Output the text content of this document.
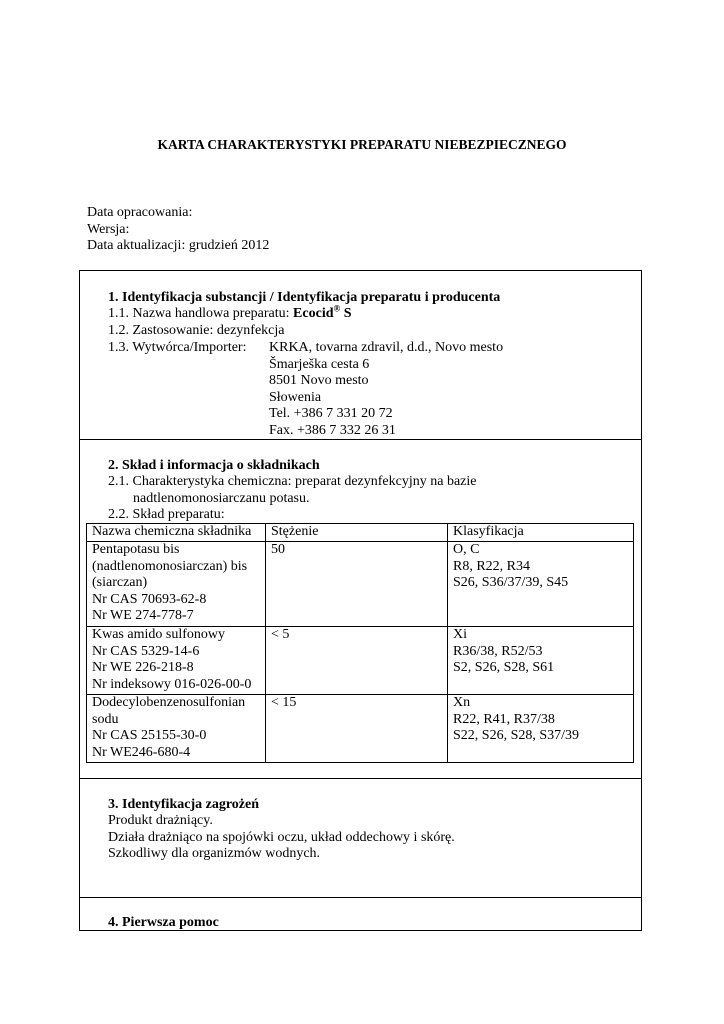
KARTA CHARAKTERYSTYKI PREPARATU NIEBEZPIECZNEGO
Data opracowania:
Wersja:
Data aktualizacji: grudzień 2012
1. Identyfikacja substancji / Identyfikacja preparatu i producenta
1.1. Nazwa handlowa preparatu: Ecocid® S
1.2. Zastosowanie: dezynfekcja
1.3. Wytwórca/Importer: KRKA, tovarna zdravil, d.d., Novo mesto
Šmarješka cesta 6
8501 Novo mesto
Słowenia
Tel. +386 7 331 20 72
Fax. +386 7 332 26 31
2. Skład i informacja o składnikach
2.1. Charakterystyka chemiczna: preparat dezynfekcyjny na bazie
nadtlenomonosiarczanu potasu.
2.2. Skład preparatu:
Nazwa chemiczna składnika	Stężenie	Klasyfikacja

Pentapotasu bis
(nadtlenomonosiarczan) bis
(siarczan)
Nr CAS 70693-62-8
Nr WE 274-778-7	50	O, C
R8, R22, R34
S26, S36/37/39, S45

Kwas amido sulfonowy
Nr CAS 5329-14-6
Nr WE 226-218-8
Nr indeksowy 016-026-00-0	< 5	Xi
R36/38, R52/53
S2, S26, S28, S61

Dodecylobenzenosulfonian
sodu
Nr CAS 25155-30-0
Nr WE246-680-4	< 15	Xn
R22, R41, R37/38
S22, S26, S28, S37/39
3. Identyfikacja zagrożeń
Produkt drażniący.
Działa drażniąco na spojówki oczu, układ oddechowy i skórę.
Szkodliwy dla organizmów wodnych.
4. Pierwsza pomoc
